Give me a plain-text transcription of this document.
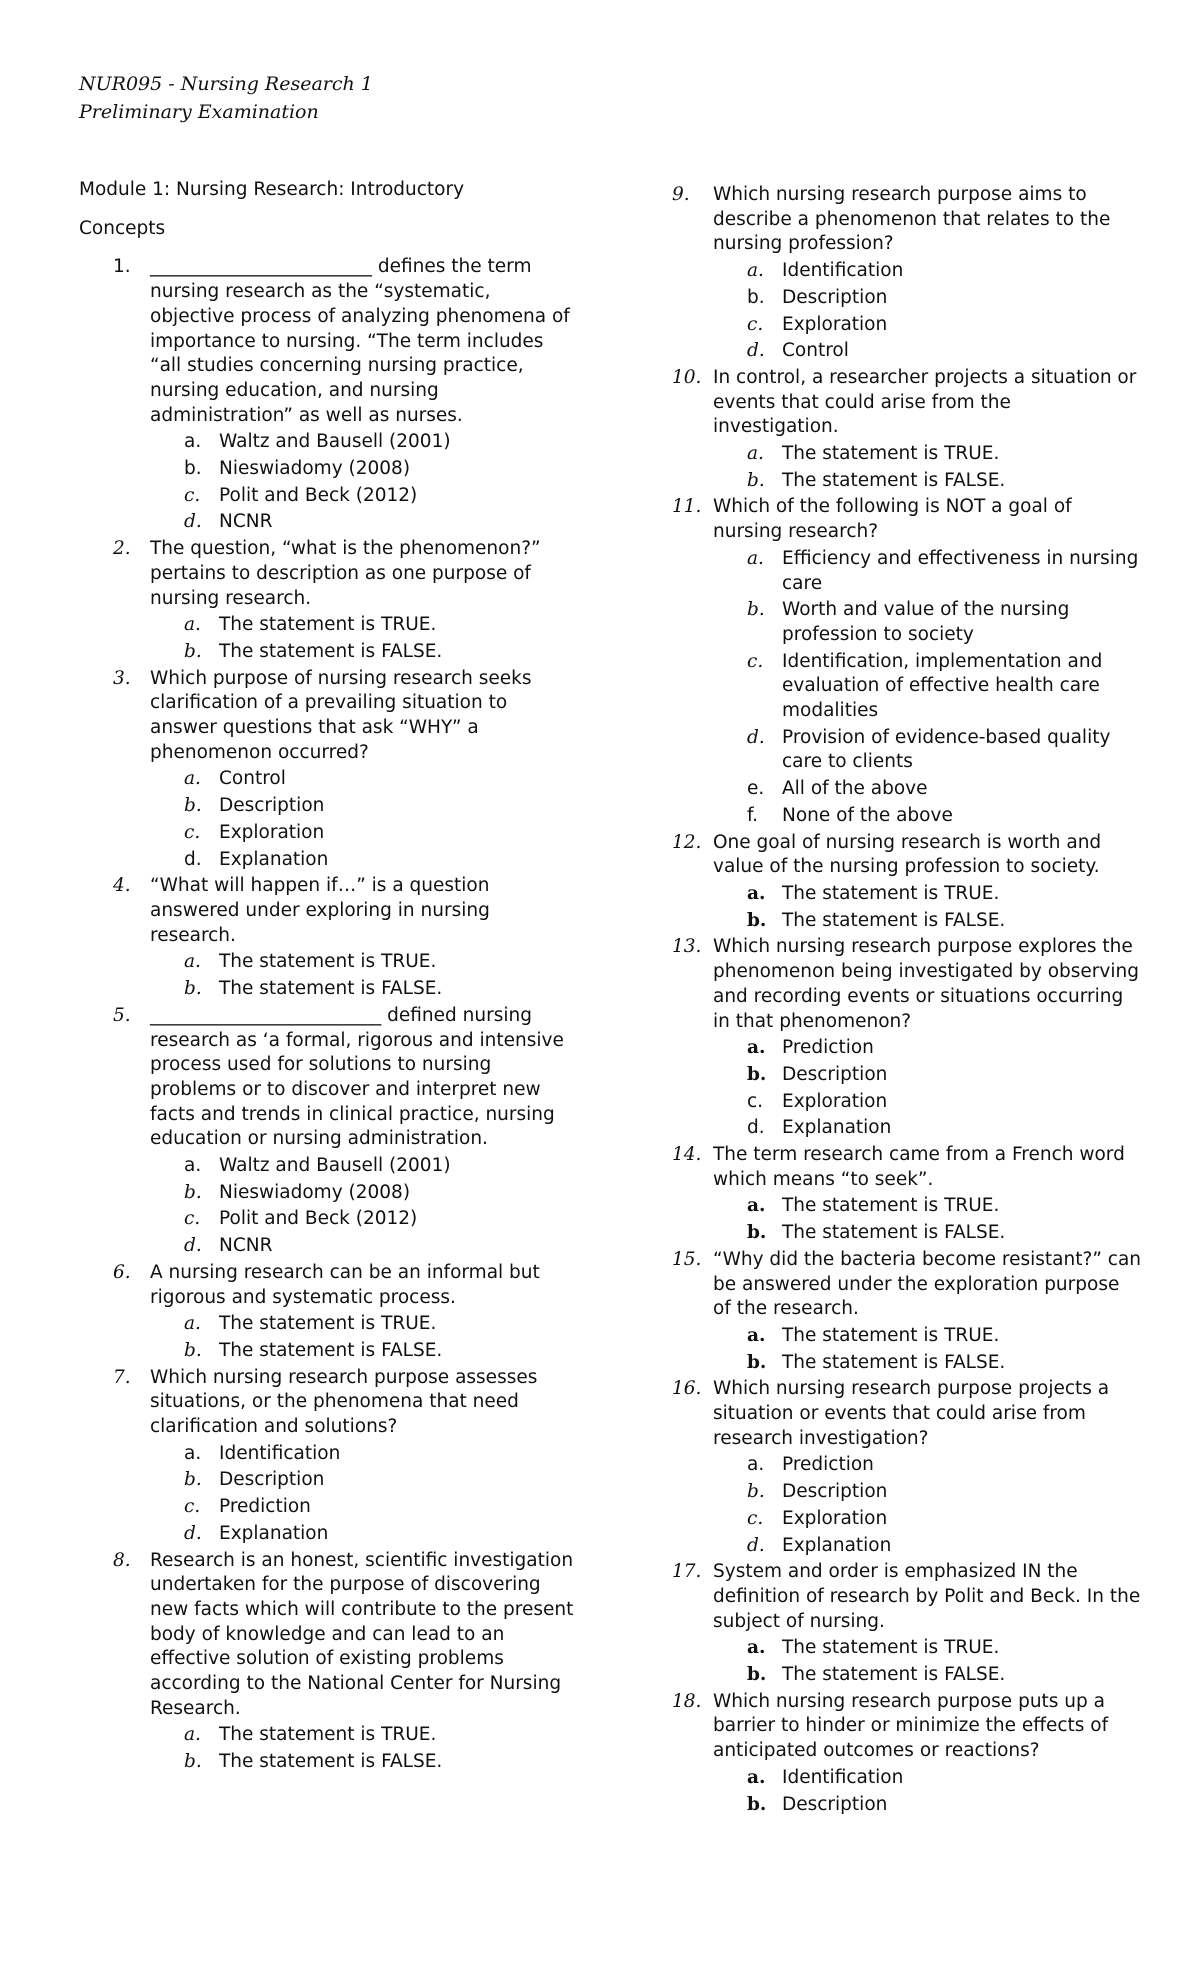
NUR095 - Nursing Research 1
Preliminary Examination
Module 1: Nursing Research: Introductory
Concepts
1. ________________________ defines the term nursing research as the “systematic, objective process of analyzing phenomena of importance to nursing. “The term includes “all studies concerning nursing practice, nursing education, and nursing administration” as well as nurses.
a. Waltz and Bausell (2001)
b. Nieswiadomy (2008)
c. Polit and Beck (2012)
d. NCNR
2. The question, “what is the phenomenon?” pertains to description as one purpose of nursing research.
a. The statement is TRUE.
b. The statement is FALSE.
3. Which purpose of nursing research seeks clarification of a prevailing situation to answer questions that ask “WHY” a phenomenon occurred?
a. Control
b. Description
c. Exploration
d. Explanation
4. “What will happen if…” is a question answered under exploring in nursing research.
a. The statement is TRUE.
b. The statement is FALSE.
5. _________________________ defined nursing research as ‘a formal, rigorous and intensive process used for solutions to nursing problems or to discover and interpret new facts and trends in clinical practice, nursing education or nursing administration.
a. Waltz and Bausell (2001)
b. Nieswiadomy (2008)
c. Polit and Beck (2012)
d. NCNR
6. A nursing research can be an informal but rigorous and systematic process.
a. The statement is TRUE.
b. The statement is FALSE.
7. Which nursing research purpose assesses situations, or the phenomena that need clarification and solutions?
a. Identification
b. Description
c. Prediction
d. Explanation
8. Research is an honest, scientific investigation undertaken for the purpose of discovering new facts which will contribute to the present body of knowledge and can lead to an effective solution of existing problems according to the National Center for Nursing Research.
a. The statement is TRUE.
b. The statement is FALSE.
9. Which nursing research purpose aims to describe a phenomenon that relates to the nursing profession?
a. Identification
b. Description
c. Exploration
d. Control
10. In control, a researcher projects a situation or events that could arise from the investigation.
a. The statement is TRUE.
b. The statement is FALSE.
11. Which of the following is NOT a goal of nursing research?
a. Efficiency and effectiveness in nursing care
b. Worth and value of the nursing profession to society
c. Identification, implementation and evaluation of effective health care modalities
d. Provision of evidence-based quality care to clients
e. All of the above
f. None of the above
12. One goal of nursing research is worth and value of the nursing profession to society.
a. The statement is TRUE.
b. The statement is FALSE.
13. Which nursing research purpose explores the phenomenon being investigated by observing and recording events or situations occurring in that phenomenon?
a. Prediction
b. Description
c. Exploration
d. Explanation
14. The term research came from a French word which means “to seek”.
a. The statement is TRUE.
b. The statement is FALSE.
15. “Why did the bacteria become resistant?” can be answered under the exploration purpose of the research.
a. The statement is TRUE.
b. The statement is FALSE.
16. Which nursing research purpose projects a situation or events that could arise from research investigation?
a. Prediction
b. Description
c. Exploration
d. Explanation
17. System and order is emphasized IN the definition of research by Polit and Beck. In the subject of nursing.
a. The statement is TRUE.
b. The statement is FALSE.
18. Which nursing research purpose puts up a barrier to hinder or minimize the effects of anticipated outcomes or reactions?
a. Identification
b. Description
